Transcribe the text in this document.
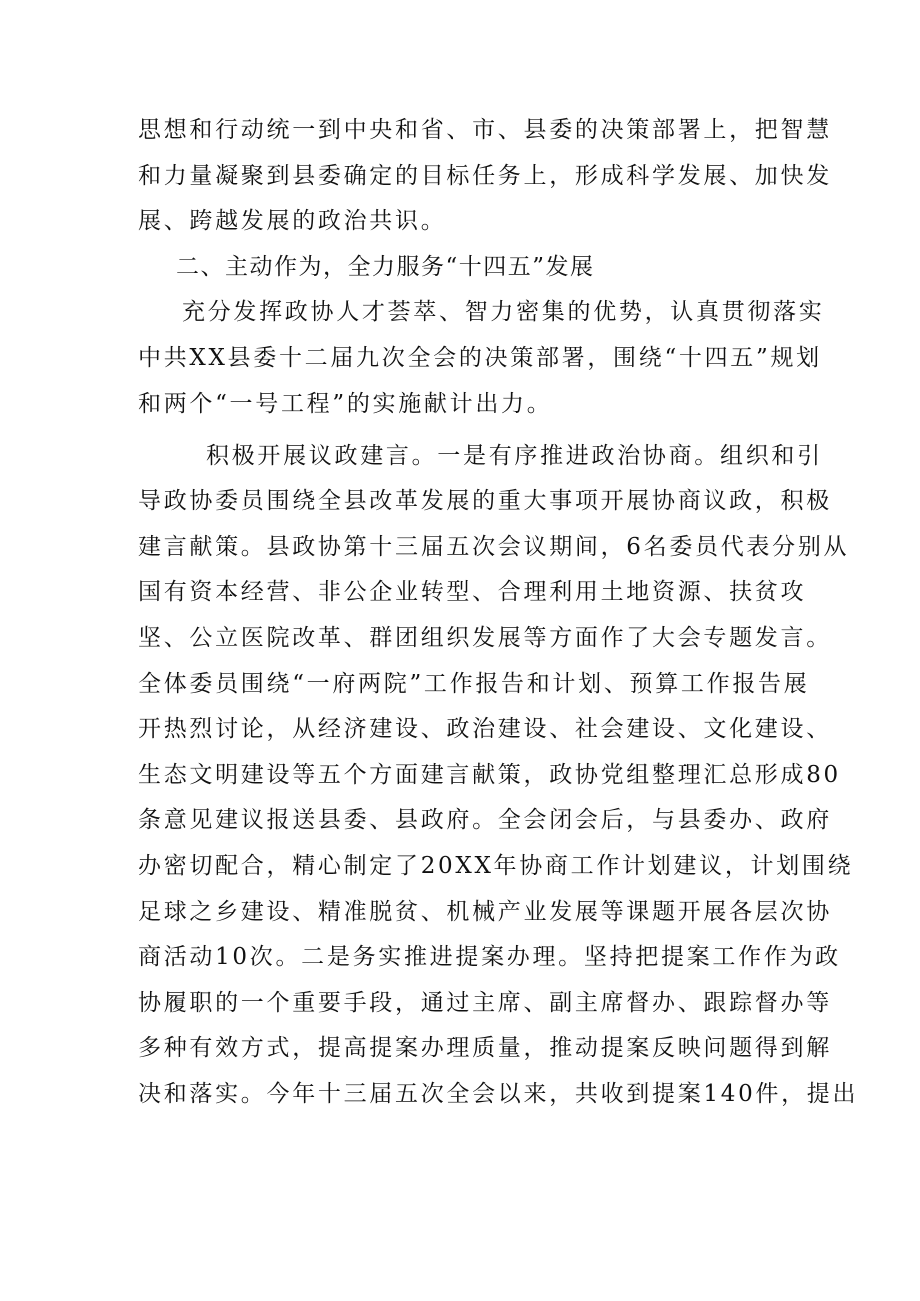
思想和行动统一到中央和省、市、县委的决策部署上，把智慧
和力量凝聚到县委确定的目标任务上，形成科学发展、加快发
展、跨越发展的政治共识。
二、主动作为，全力服务“十四五”发展
充分发挥政协人才荟萃、智力密集的优势，认真贯彻落实
中共XX县委十二届九次全会的决策部署，围绕“十四五”规划
和两个“一号工程”的实施献计出力。
积极开展议政建言。一是有序推进政治协商。组织和引
导政协委员围绕全县改革发展的重大事项开展协商议政，积极
建言献策。县政协第十三届五次会议期间，6名委员代表分别从
国有资本经营、非公企业转型、合理利用土地资源、扶贫攻
坚、公立医院改革、群团组织发展等方面作了大会专题发言。
全体委员围绕“一府两院”工作报告和计划、预算工作报告展
开热烈讨论，从经济建设、政治建设、社会建设、文化建设、
生态文明建设等五个方面建言献策，政协党组整理汇总形成80
条意见建议报送县委、县政府。全会闭会后，与县委办、政府
办密切配合，精心制定了20XX年协商工作计划建议，计划围绕
足球之乡建设、精准脱贫、机械产业发展等课题开展各层次协
商活动10次。二是务实推进提案办理。坚持把提案工作作为政
协履职的一个重要手段，通过主席、副主席督办、跟踪督办等
多种有效方式，提高提案办理质量，推动提案反映问题得到解
决和落实。今年十三届五次全会以来，共收到提案140件，提出
